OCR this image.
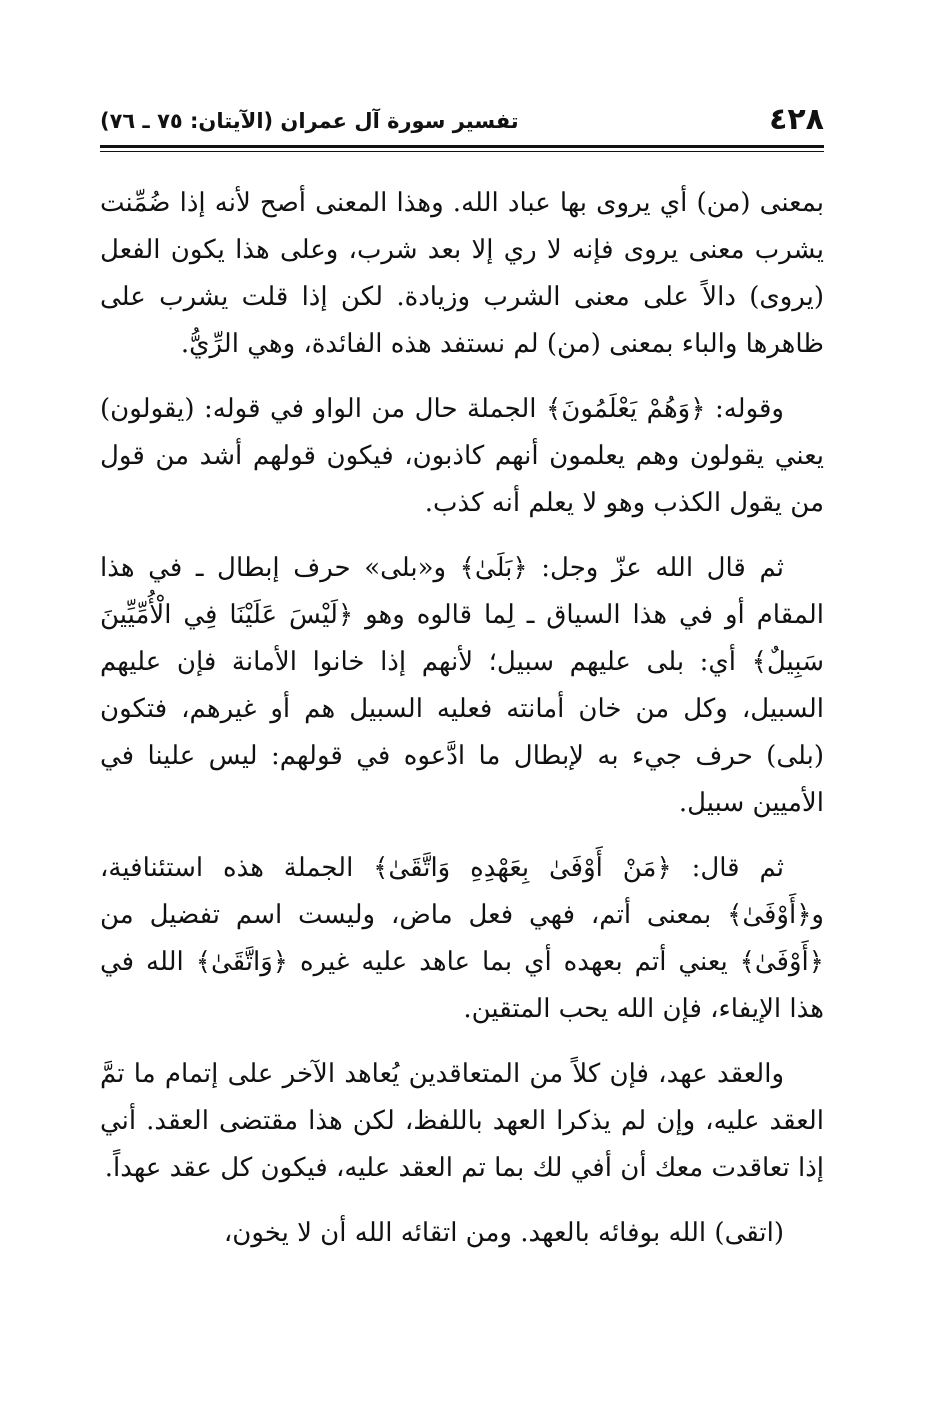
٤٢٨
تفسير سورة آل عمران (الآيتان: ٧٥ ـ ٧٦)

بمعنى (من) أي يروى بها عباد الله. وهذا المعنى أصح لأنه إذا ضُمِّنت يشرب معنى يروى فإنه لا ري إلا بعد شرب، وعلى هذا يكون الفعل (يروى) دالاً على معنى الشرب وزيادة. لكن إذا قلت يشرب على ظاهرها والباء بمعنى (من) لم نستفد هذه الفائدة، وهي الرِّيُّ.

وقوله: ﴿وَهُمْ يَعْلَمُونَ﴾ الجملة حال من الواو في قوله: (يقولون) يعني يقولون وهم يعلمون أنهم كاذبون، فيكون قولهم أشد من قول من يقول الكذب وهو لا يعلم أنه كذب.

ثم قال الله عزّ وجل: ﴿بَلَىٰ﴾ و«بلى» حرف إبطال ـ في هذا المقام أو في هذا السياق ـ لِما قالوه وهو ﴿لَيْسَ عَلَيْنَا فِي الْأُمِّيِّينَ سَبِيلٌ﴾ أي: بلى عليهم سبيل؛ لأنهم إذا خانوا الأمانة فإن عليهم السبيل، وكل من خان أمانته فعليه السبيل هم أو غيرهم، فتكون (بلى) حرف جيء به لإبطال ما ادَّعوه في قولهم: ليس علينا في الأميين سبيل.

ثم قال: ﴿مَنْ أَوْفَىٰ بِعَهْدِهِ وَاتَّقَىٰ﴾ الجملة هذه استئنافية، و﴿أَوْفَىٰ﴾ بمعنى أتم، فهي فعل ماض، وليست اسم تفضيل من ﴿أَوْفَىٰ﴾ يعني أتم بعهده أي بما عاهد عليه غيره ﴿وَاتَّقَىٰ﴾ الله في هذا الإيفاء، فإن الله يحب المتقين.

والعقد عهد، فإن كلاً من المتعاقدين يُعاهد الآخر على إتمام ما تمَّ العقد عليه، وإن لم يذكرا العهد باللفظ، لكن هذا مقتضى العقد. أني إذا تعاقدت معك أن أفي لك بما تم العقد عليه، فيكون كل عقد عهداً.

(اتقى) الله بوفائه بالعهد. ومن اتقائه الله أن لا يخون،
